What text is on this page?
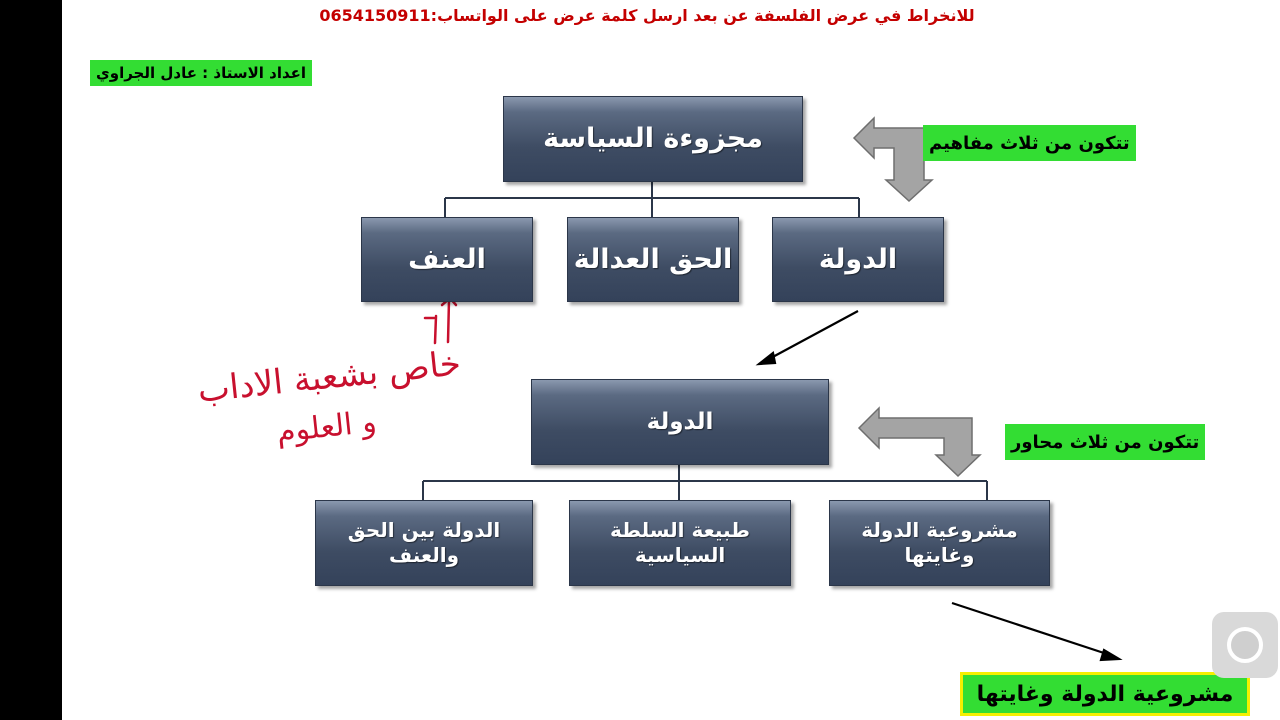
للانخراط في عرض الفلسفة عن بعد ارسل كلمة عرض على الواتساب:0654150911
اعداد الاستاذ : عادل الجراوي
مجزوءة السياسة	تتكون من ثلاث مفاهيم
الدولة
الحق العدالة
العنف
خاص بشعبة الاداب
و العلوم	الدولة
تتكون من ثلاث محاور
مشروعية الدولة
وغايتها
طبيعة السلطة
السياسية
الدولة بين الحق
والعنف
مشروعية الدولة وغايتها
